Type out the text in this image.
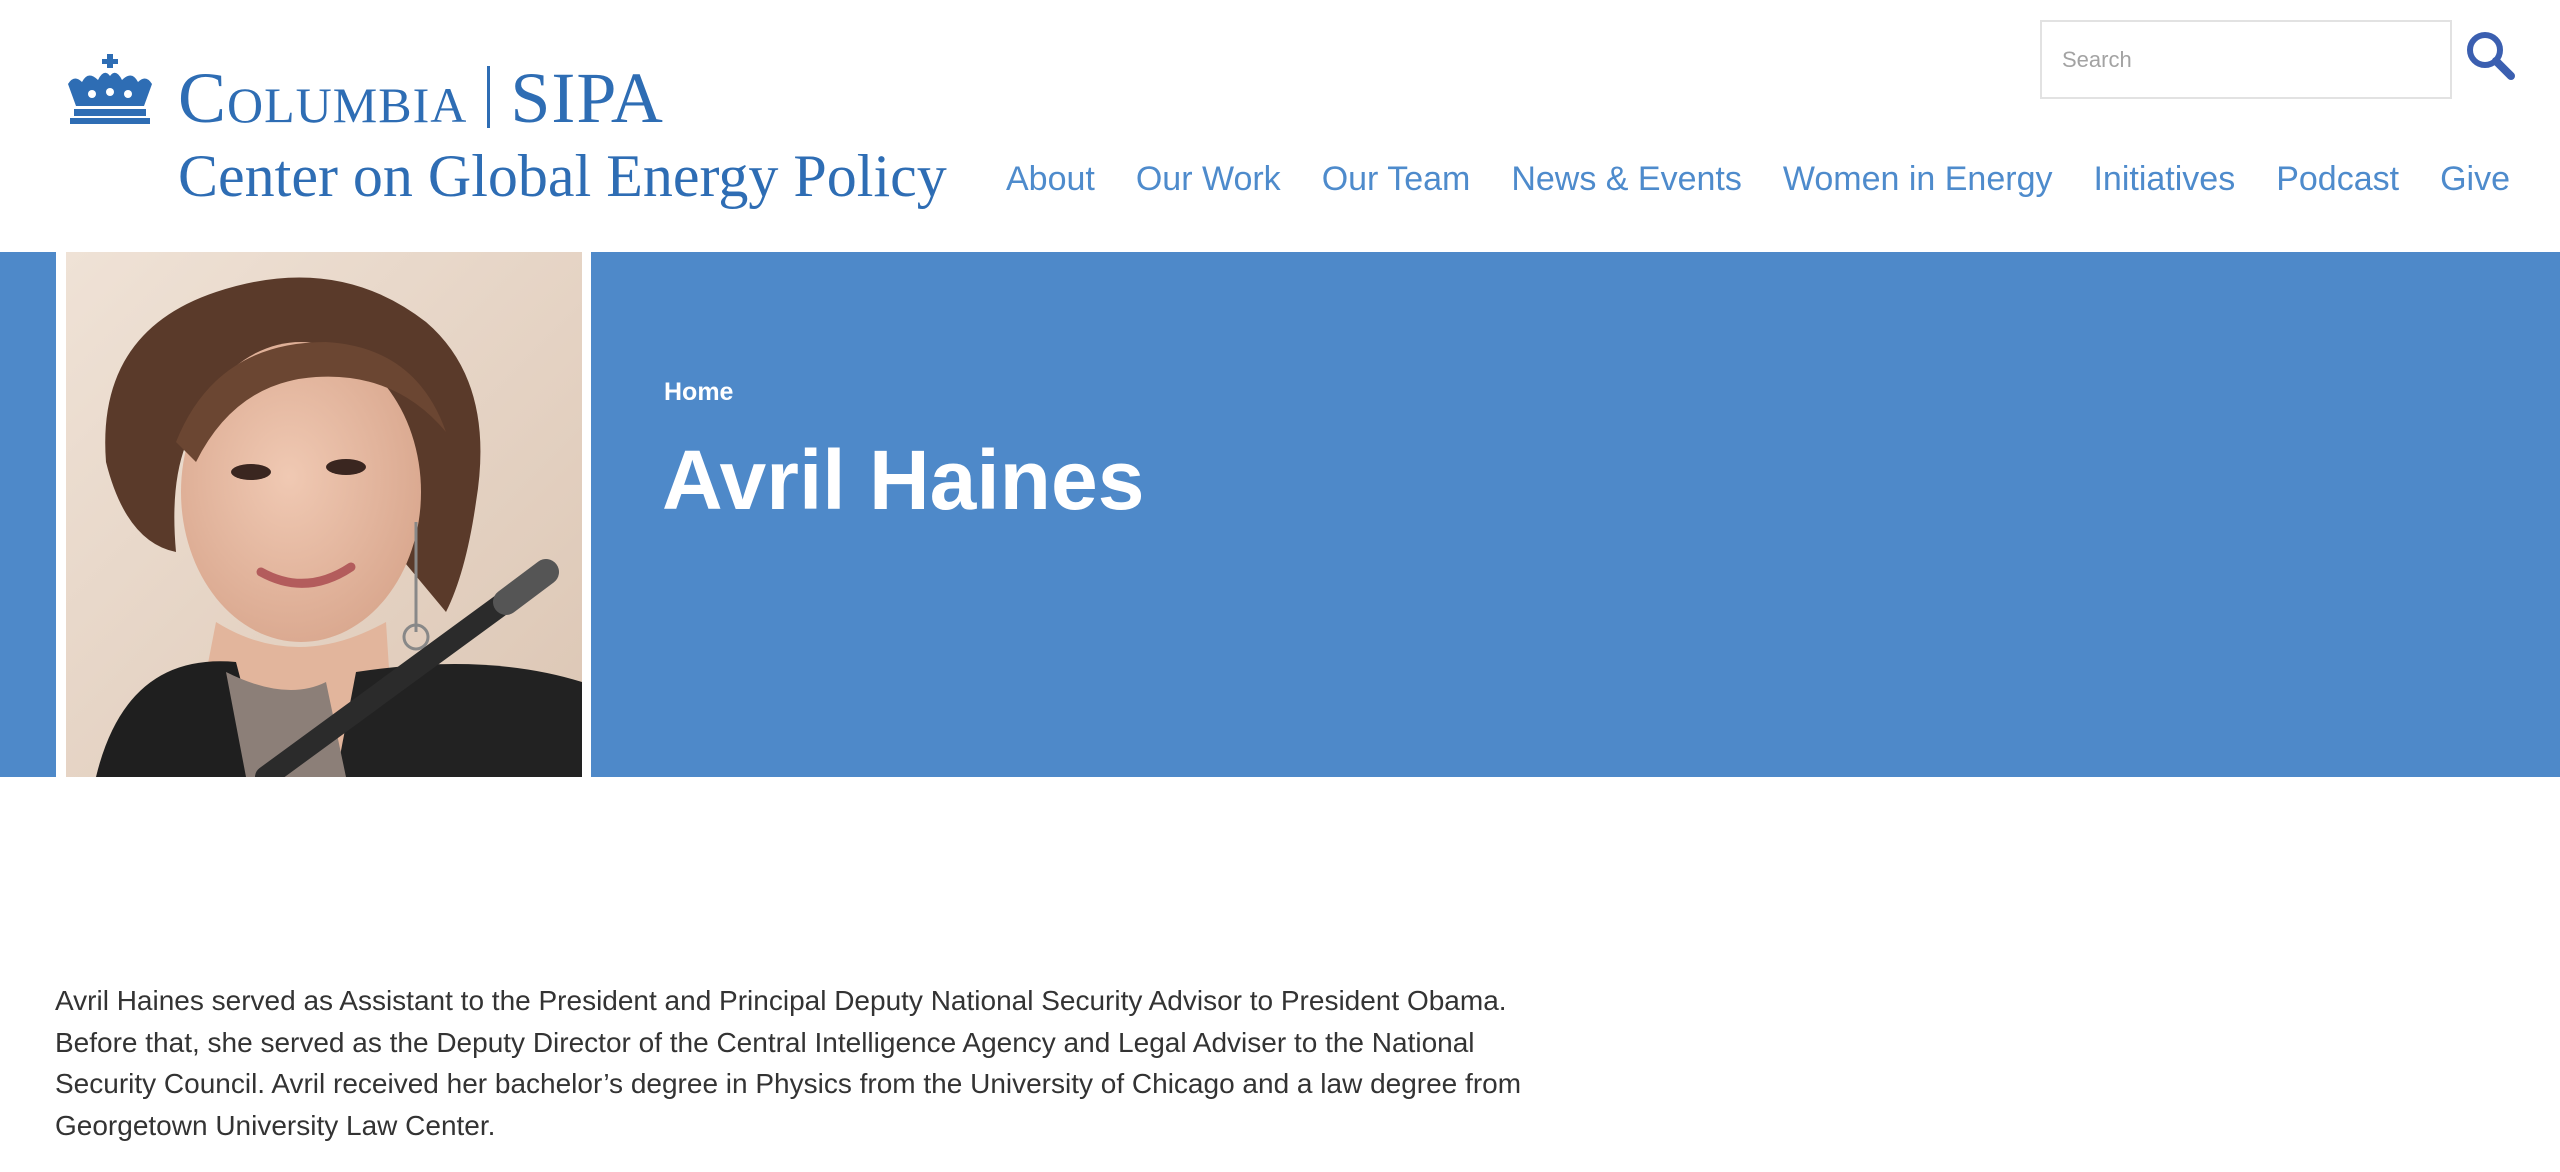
Columbia SIPA
Center on Global Energy Policy
Search About Our Work Our Team News & Events Women in Energy Initiatives Podcast Give
Home
Avril Haines

Avril Haines served as Assistant to the President and Principal Deputy National Security Advisor to President Obama. Before that, she served as the Deputy Director of the Central Intelligence Agency and Legal Adviser to the National Security Council. Avril received her bachelor’s degree in Physics from the University of Chicago and a law degree from Georgetown University Law Center.
